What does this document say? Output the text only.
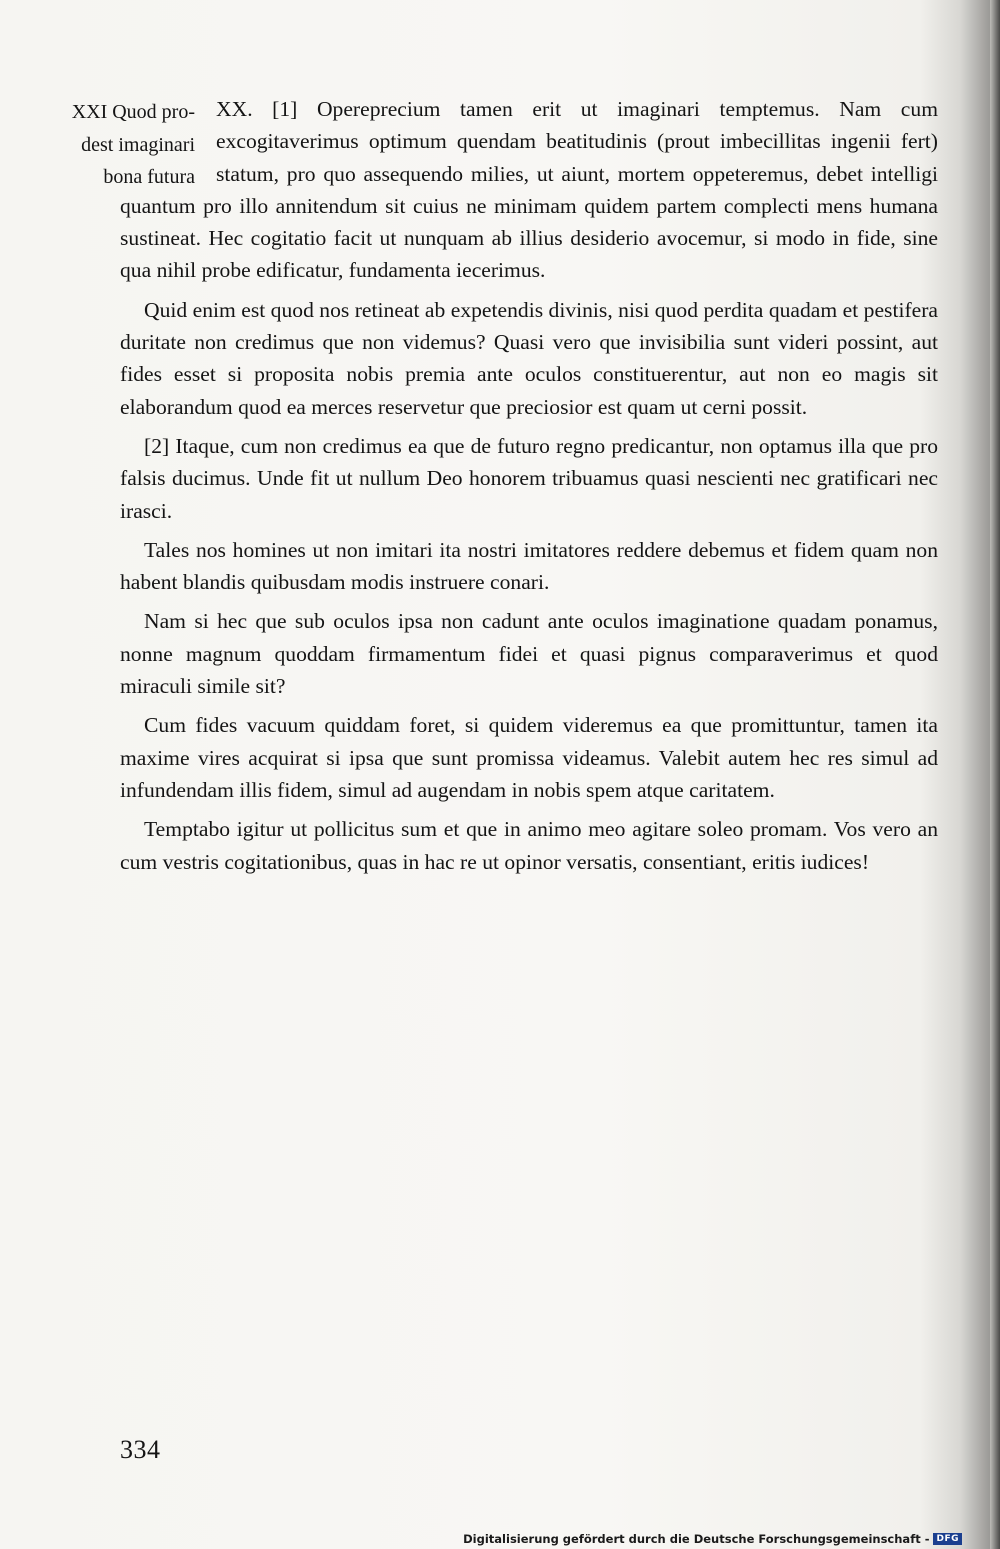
XXI Quod pro-
dest imaginari
bona futura

XX. [1] Opereprecium tamen erit ut imaginari temptemus. Nam cum excogitaverimus optimum quendam beatitudinis (prout imbecillitas ingenii fert) statum, pro quo assequendo milies, ut aiunt, mortem oppeteremus, debet intelligi quantum pro illo annitendum sit cuius ne minimam quidem partem complecti mens humana sustineat. Hec cogitatio facit ut nunquam ab illius desiderio avocemur, si modo in fide, sine qua nihil probe edificatur, fundamenta iecerimus.

Quid enim est quod nos retineat ab expetendis divinis, nisi quod perdita quadam et pestifera duritate non credimus que non videmus? Quasi vero que invisibilia sunt videri possint, aut fides esset si proposita nobis premia ante oculos constituerentur, aut non eo magis sit elaborandum quod ea merces reservetur que preciosior est quam ut cerni possit.

[2] Itaque, cum non credimus ea que de futuro regno predicantur, non optamus illa que pro falsis ducimus. Unde fit ut nullum Deo honorem tribuamus quasi nescienti nec gratificari nec irasci.

Tales nos homines ut non imitari ita nostri imitatores reddere debemus et fidem quam non habent blandis quibusdam modis instruere conari.

Nam si hec que sub oculos ipsa non cadunt ante oculos imaginatione quadam ponamus, nonne magnum quoddam firmamentum fidei et quasi pignus comparaverimus et quod miraculi simile sit?

Cum fides vacuum quiddam foret, si quidem videremus ea que promittuntur, tamen ita maxime vires acquirat si ipsa que sunt promissa videamus. Valebit autem hec res simul ad infundendam illis fidem, simul ad augendam in nobis spem atque caritatem.

Temptabo igitur ut pollicitus sum et que in animo meo agitare soleo promam. Vos vero an cum vestris cogitationibus, quas in hac re ut opinor versatis, consentiant, eritis iudices!

334
Digitalisierung gefördert durch die Deutsche Forschungsgemeinschaft - DFG
